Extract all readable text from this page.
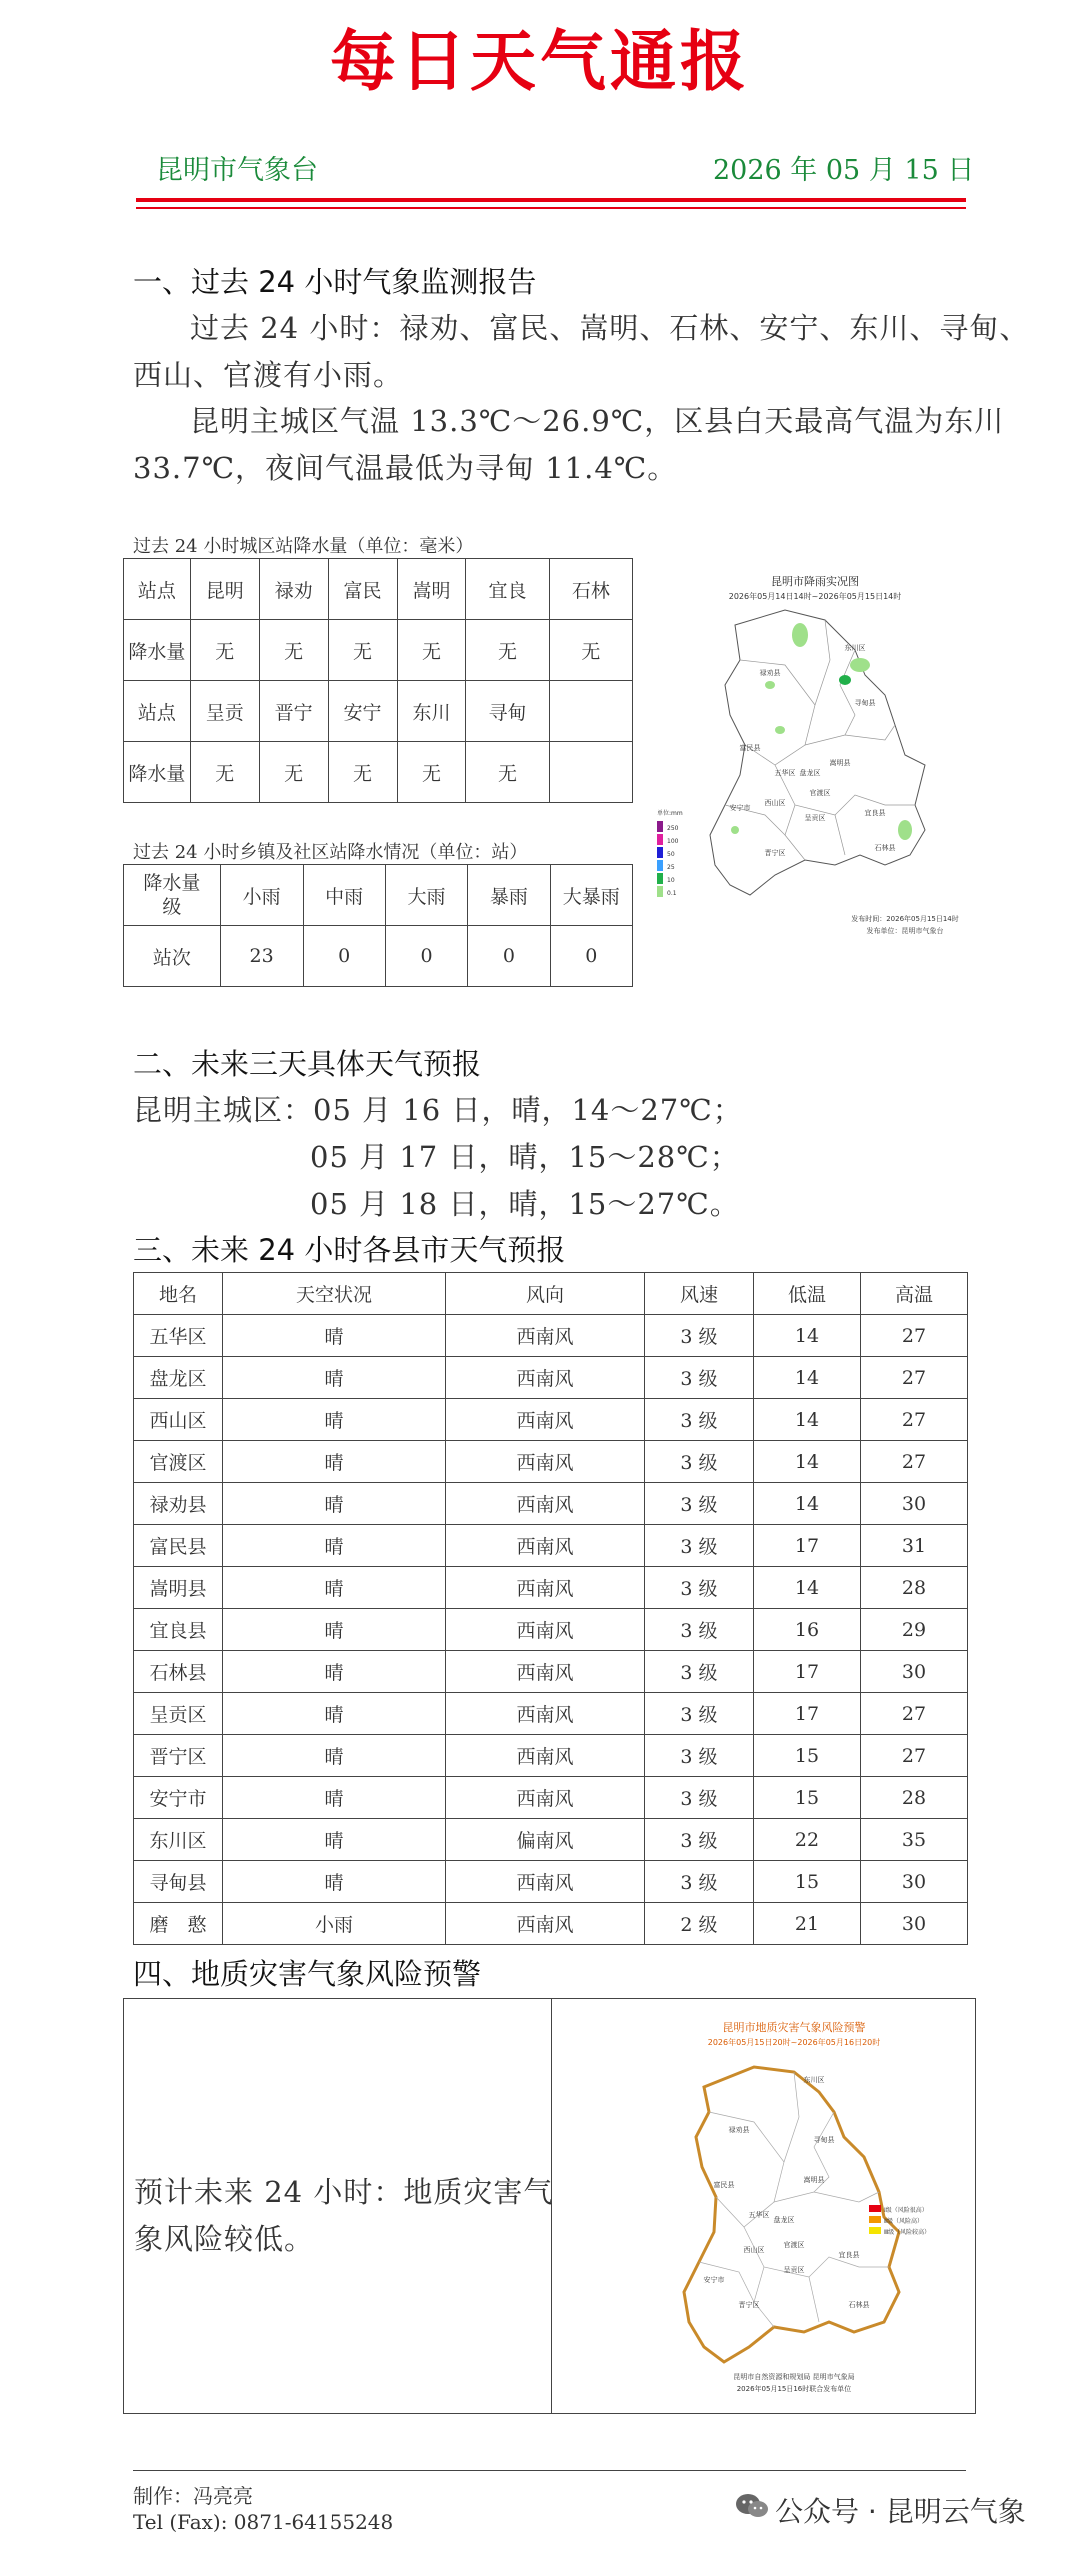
每日天气通报
昆明市气象台	2026 年 05 月 15 日
一、过去 24 小时气象监测报告
过去 24 小时：禄劝、富民、嵩明、石林、安宁、东川、寻甸、
西山、官渡有小雨。
昆明主城区气温 13.3℃～26.9℃，区县白天最高气温为东川
33.7℃，夜间气温最低为寻甸 11.4℃。
过去 24 小时城区站降水量（单位：毫米）
站点	昆明	禄劝	富民	嵩明	宜良	石林
降水量	无	无	无	无	无	无
站点	呈贡	晋宁	安宁	东川	寻甸	
降水量	无	无	无	无	无	
过去 24 小时乡镇及社区站降水情况（单位：站）
降水量级	小雨	中雨	大雨	暴雨	大暴雨
站次	23	0	0	0	0
昆明市降雨实况图
2026年05月14日14时~2026年05月15日14时
禄劝县
东川区
寻甸县
富民县
嵩明县
盘龙区
五华区
西山区
官渡区
呈贡区
宜良县
安宁市
晋宁区
石林县
单位:mm
250
100
50
25
10
0.1
发布时间：2026年05月15日14时
发布单位：昆明市气象台
二、未来三天具体天气预报
昆明主城区：05 月 16 日，晴，14～27℃；
05 月 17 日，晴，15～28℃；
05 月 18 日，晴，15～27℃。
三、未来 24 小时各县市天气预报
地名	天空状况	风向	风速	低温	高温
五华区	晴	西南风	3 级	14	27
盘龙区	晴	西南风	3 级	14	27
西山区	晴	西南风	3 级	14	27
官渡区	晴	西南风	3 级	14	27
禄劝县	晴	西南风	3 级	14	30
富民县	晴	西南风	3 级	17	31
嵩明县	晴	西南风	3 级	14	28
宜良县	晴	西南风	3 级	16	29
石林县	晴	西南风	3 级	17	30
呈贡区	晴	西南风	3 级	17	27
晋宁区	晴	西南风	3 级	15	27
安宁市	晴	西南风	3 级	15	28
东川区	晴	偏南风	3 级	22	35
寻甸县	晴	西南风	3 级	15	30
磨　憨	小雨	西南风	2 级	21	30
四、地质灾害气象风险预警
预计未来 24 小时：地质灾害气
象风险较低。
昆明市地质灾害气象风险预警
2026年05月15日20时~2026年05月16日20时
东川区
禄劝县
寻甸县
富民县
嵩明县
盘龙区
五华区
官渡区
西山区
呈贡区
宜良县
安宁市
晋宁区	石林县
Ⅰ级（风险很高）
Ⅱ级（风险高）
Ⅲ级（风险较高）
昆明市自然资源和规划局 昆明市气象局
2026年05月15日16时联合发布单位
制作：冯亮亮
Tel (Fax): 0871-64155248	公众号 · 昆明云气象
